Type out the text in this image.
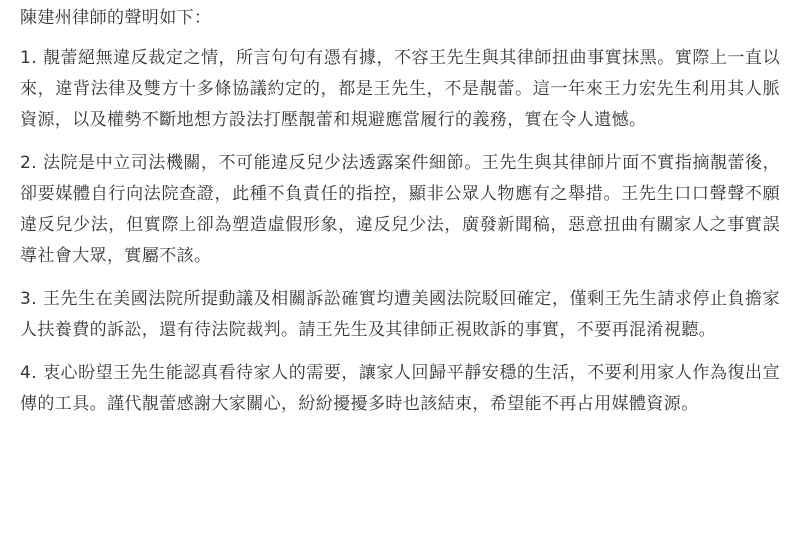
陳建州律師的聲明如下：

1. 靚蕾絕無違反裁定之情，所言句句有憑有據，不容王先生與其律師扭曲事實抹黑。實際上一直以來，違背法律及雙方十多條協議約定的，都是王先生，不是靚蕾。這一年來王力宏先生利用其人脈資源，以及權勢不斷地想方設法打壓靚蕾和規避應當履行的義務，實在令人遺憾。

2. 法院是中立司法機關，不可能違反兒少法透露案件細節。王先生與其律師片面不實指摘靚蕾後，卻要媒體自行向法院查證，此種不負責任的指控，顯非公眾人物應有之舉措。王先生口口聲聲不願違反兒少法，但實際上卻為塑造虛假形象，違反兒少法，廣發新聞稿，惡意扭曲有關家人之事實誤導社會大眾，實屬不該。

3. 王先生在美國法院所提動議及相關訴訟確實均遭美國法院駁回確定，僅剩王先生請求停止負擔家人扶養費的訴訟，還有待法院裁判。請王先生及其律師正視敗訴的事實，不要再混淆視聽。

4. 衷心盼望王先生能認真看待家人的需要，讓家人回歸平靜安穩的生活，不要利用家人作為復出宣傳的工具。謹代靚蕾感謝大家關心，紛紛擾擾多時也該結束，希望能不再占用媒體資源。
